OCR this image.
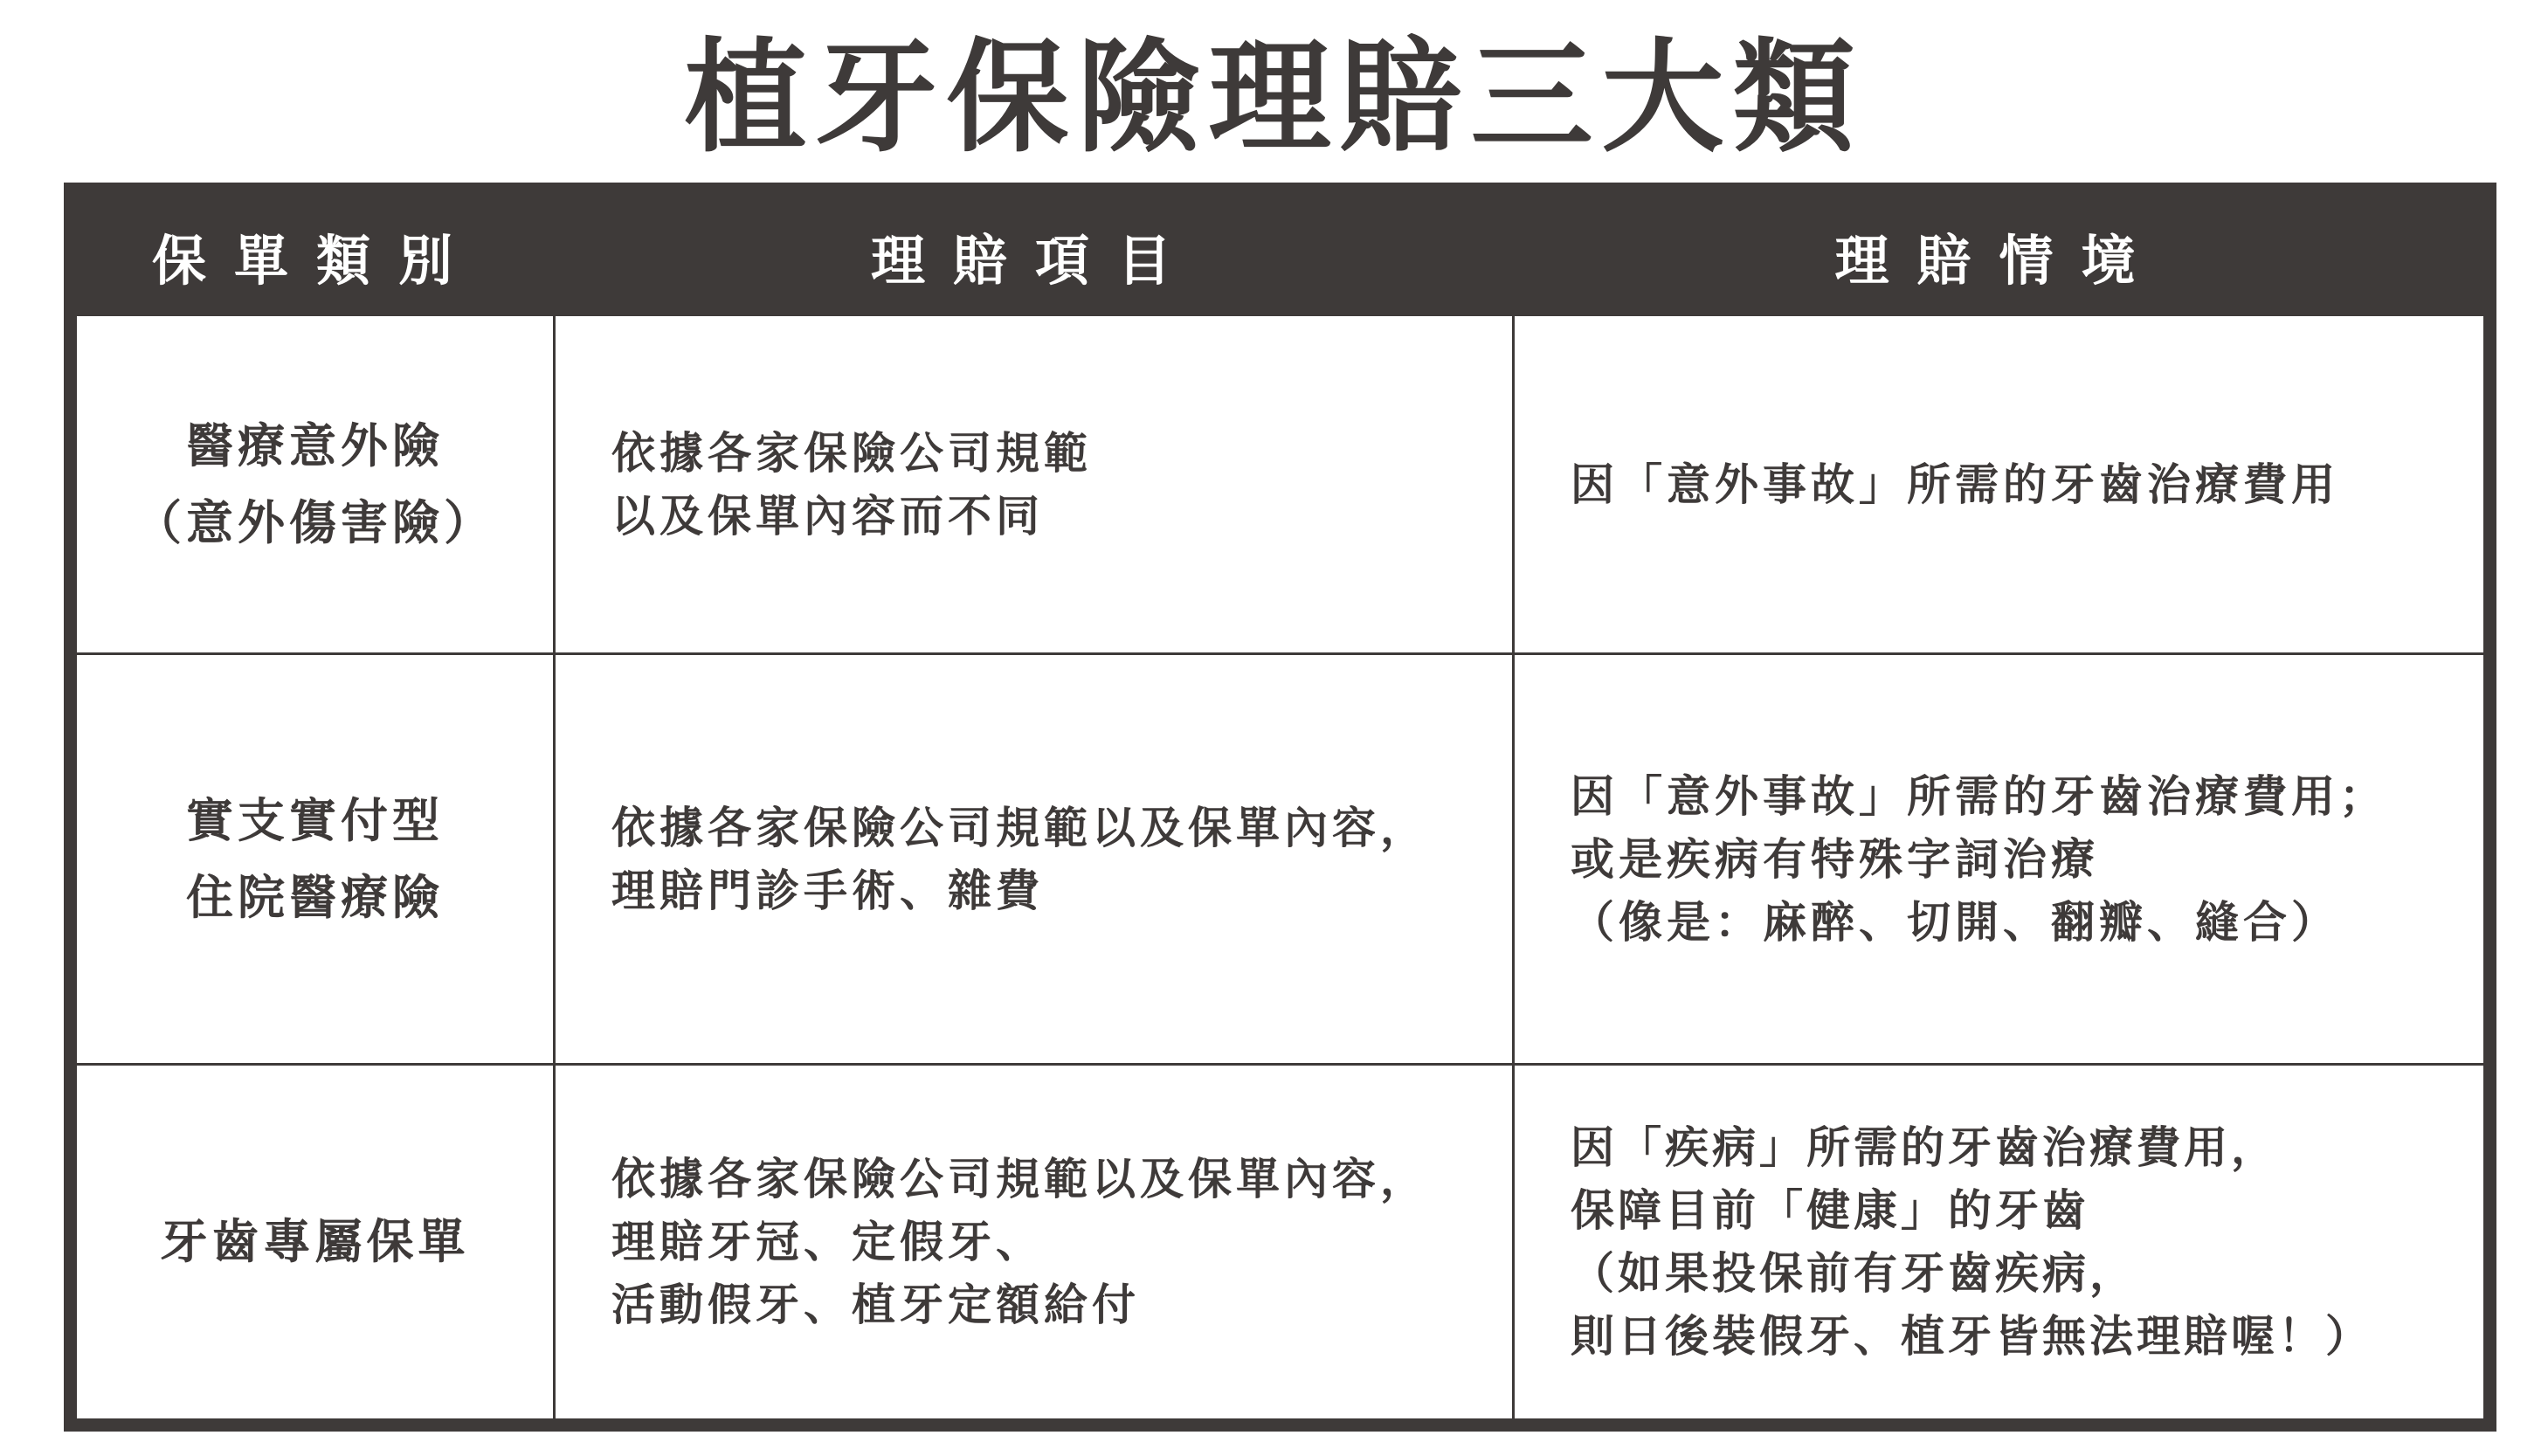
植牙保險理賠三大類
保單類別	理賠項目	理賠情境
醫療意外險
（意外傷害險）
依據各家保險公司規範
以及保單內容而不同
因「意外事故」所需的牙齒治療費用
實支實付型
住院醫療險
依據各家保險公司規範以及保單內容，
理賠門診手術、雜費
因「意外事故」所需的牙齒治療費用；
或是疾病有特殊字詞治療
（像是：麻醉、切開、翻瓣、縫合）
牙齒專屬保單
依據各家保險公司規範以及保單內容，
理賠牙冠、定假牙、
活動假牙、植牙定額給付
因「疾病」所需的牙齒治療費用，
保障目前「健康」的牙齒
（如果投保前有牙齒疾病，
則日後裝假牙、植牙皆無法理賠喔！）
